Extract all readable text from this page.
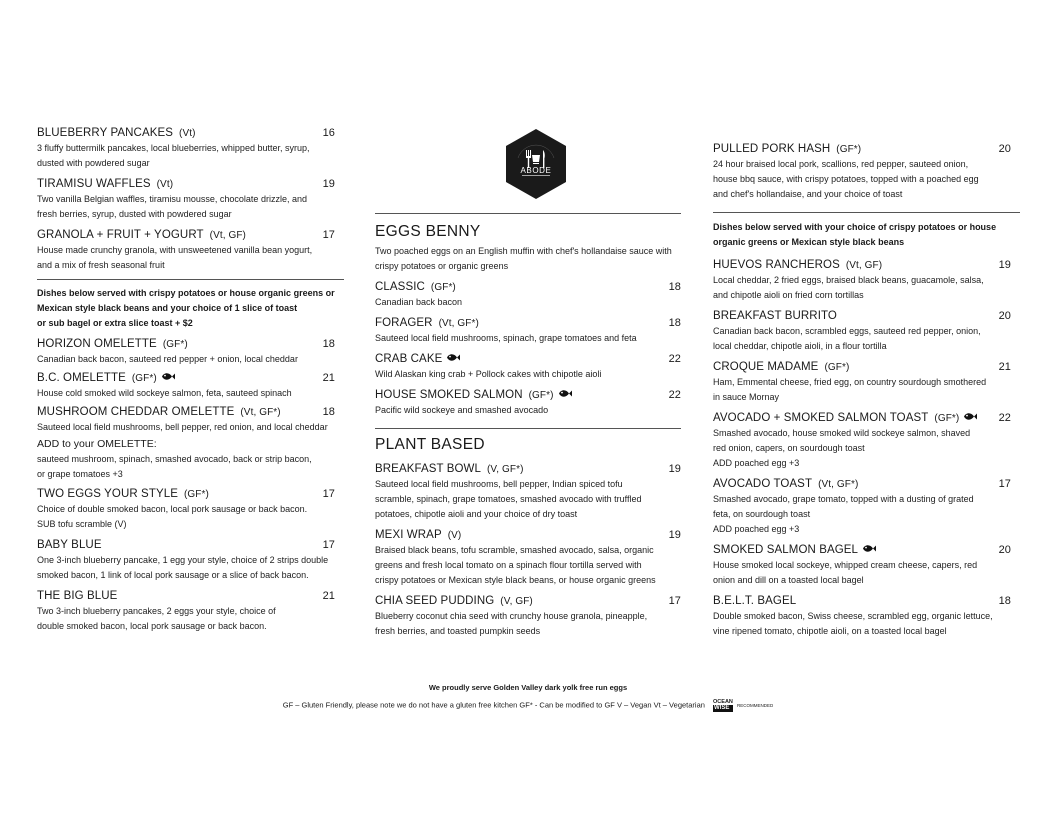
BLUEBERRY PANCAKES (Vt)	16
3 fluffy buttermilk pancakes, local blueberries, whipped butter, syrup,
dusted with powdered sugar
TIRAMISU WAFFLES (Vt)	19
Two vanilla Belgian waffles, tiramisu mousse, chocolate drizzle, and
fresh berries, syrup, dusted with powdered sugar
GRANOLA + FRUIT + YOGURT (Vt, GF)	17
House made crunchy granola, with unsweetened vanilla bean yogurt,
and a mix of fresh seasonal fruit
Dishes below served with crispy potatoes or house organic greens or
Mexican style black beans and your choice of 1 slice of toast
or sub bagel or extra slice toast + $2
HORIZON OMELETTE (GF*)	18
Canadian back bacon, sauteed red pepper + onion, local cheddar
B.C. OMELETTE (GF*)	21
House cold smoked wild sockeye salmon, feta, sauteed spinach
MUSHROOM CHEDDAR OMELETTE (Vt, GF*)	18
Sauteed local field mushrooms, bell pepper, red onion, and local cheddar
ADD to your OMELETTE:
sauteed mushroom, spinach, smashed avocado, back or strip bacon,
or grape tomatoes +3
TWO EGGS YOUR STYLE (GF*)	17
Choice of double smoked bacon, local pork sausage or back bacon.
SUB tofu scramble (V)
BABY BLUE	17
One 3-inch blueberry pancake, 1 egg your style, choice of 2 strips double
smoked bacon, 1 link of local pork sausage or a slice of back bacon.
THE BIG BLUE	21
Two 3-inch blueberry pancakes, 2 eggs your style, choice of
double smoked bacon, local pork sausage or back bacon.
ABODE
EGGS BENNY
Two poached eggs on an English muffin with chef's hollandaise sauce with
crispy potatoes or organic greens
CLASSIC (GF*)	18
Canadian back bacon
FORAGER (Vt, GF*)	18
Sauteed local field mushrooms, spinach, grape tomatoes and feta
CRAB CAKE	22
Wild Alaskan king crab + Pollock cakes with chipotle aioli
HOUSE SMOKED SALMON (GF*)	22
Pacific wild sockeye and smashed avocado
PLANT BASED
BREAKFAST BOWL (V, GF*)	19
Sauteed local field mushrooms, bell pepper, Indian spiced tofu
scramble, spinach, grape tomatoes, smashed avocado with truffled
potatoes, chipotle aioli and your choice of dry toast
MEXI WRAP (V)	19
Braised black beans, tofu scramble, smashed avocado, salsa, organic
greens and fresh local tomato on a spinach flour tortilla served with
crispy potatoes or Mexican style black beans, or house organic greens
CHIA SEED PUDDING (V, GF)	17
Blueberry coconut chia seed with crunchy house granola, pineapple,
fresh berries, and toasted pumpkin seeds
PULLED PORK HASH (GF*)	20
24 hour braised local pork, scallions, red pepper, sauteed onion,
house bbq sauce, with crispy potatoes, topped with a poached egg
and chef's hollandaise, and your choice of toast
Dishes below served with your choice of crispy potatoes or house
organic greens or Mexican style black beans
HUEVOS RANCHEROS (Vt, GF)	19
Local cheddar, 2 fried eggs, braised black beans, guacamole, salsa,
and chipotle aioli on fried corn tortillas
BREAKFAST BURRITO	20
Canadian back bacon, scrambled eggs, sauteed red pepper, onion,
local cheddar, chipotle aioli, in a flour tortilla
CROQUE MADAME (GF*)	21
Ham, Emmental cheese, fried egg, on country sourdough smothered
in sauce Mornay
AVOCADO + SMOKED SALMON TOAST (GF*)	22
Smashed avocado, house smoked wild sockeye salmon, shaved
red onion, capers, on sourdough toast
ADD poached egg +3
AVOCADO TOAST (Vt, GF*)	17
Smashed avocado, grape tomato, topped with a dusting of grated
feta, on sourdough toast
ADD poached egg +3
SMOKED SALMON BAGEL	20
House smoked local sockeye, whipped cream cheese, capers, red
onion and dill on a toasted local bagel
B.E.L.T. BAGEL	18
Double smoked bacon, Swiss cheese, scrambled egg, organic lettuce,
vine ripened tomato, chipotle aioli, on a toasted local bagel
We proudly serve Golden Valley dark yolk free run eggs
GF – Gluten Friendly, please note we do not have a gluten free kitchen GF* - Can be modified to GF V – Vegan Vt – Vegetarian OCEAN
WISE	RECOMMENDED
